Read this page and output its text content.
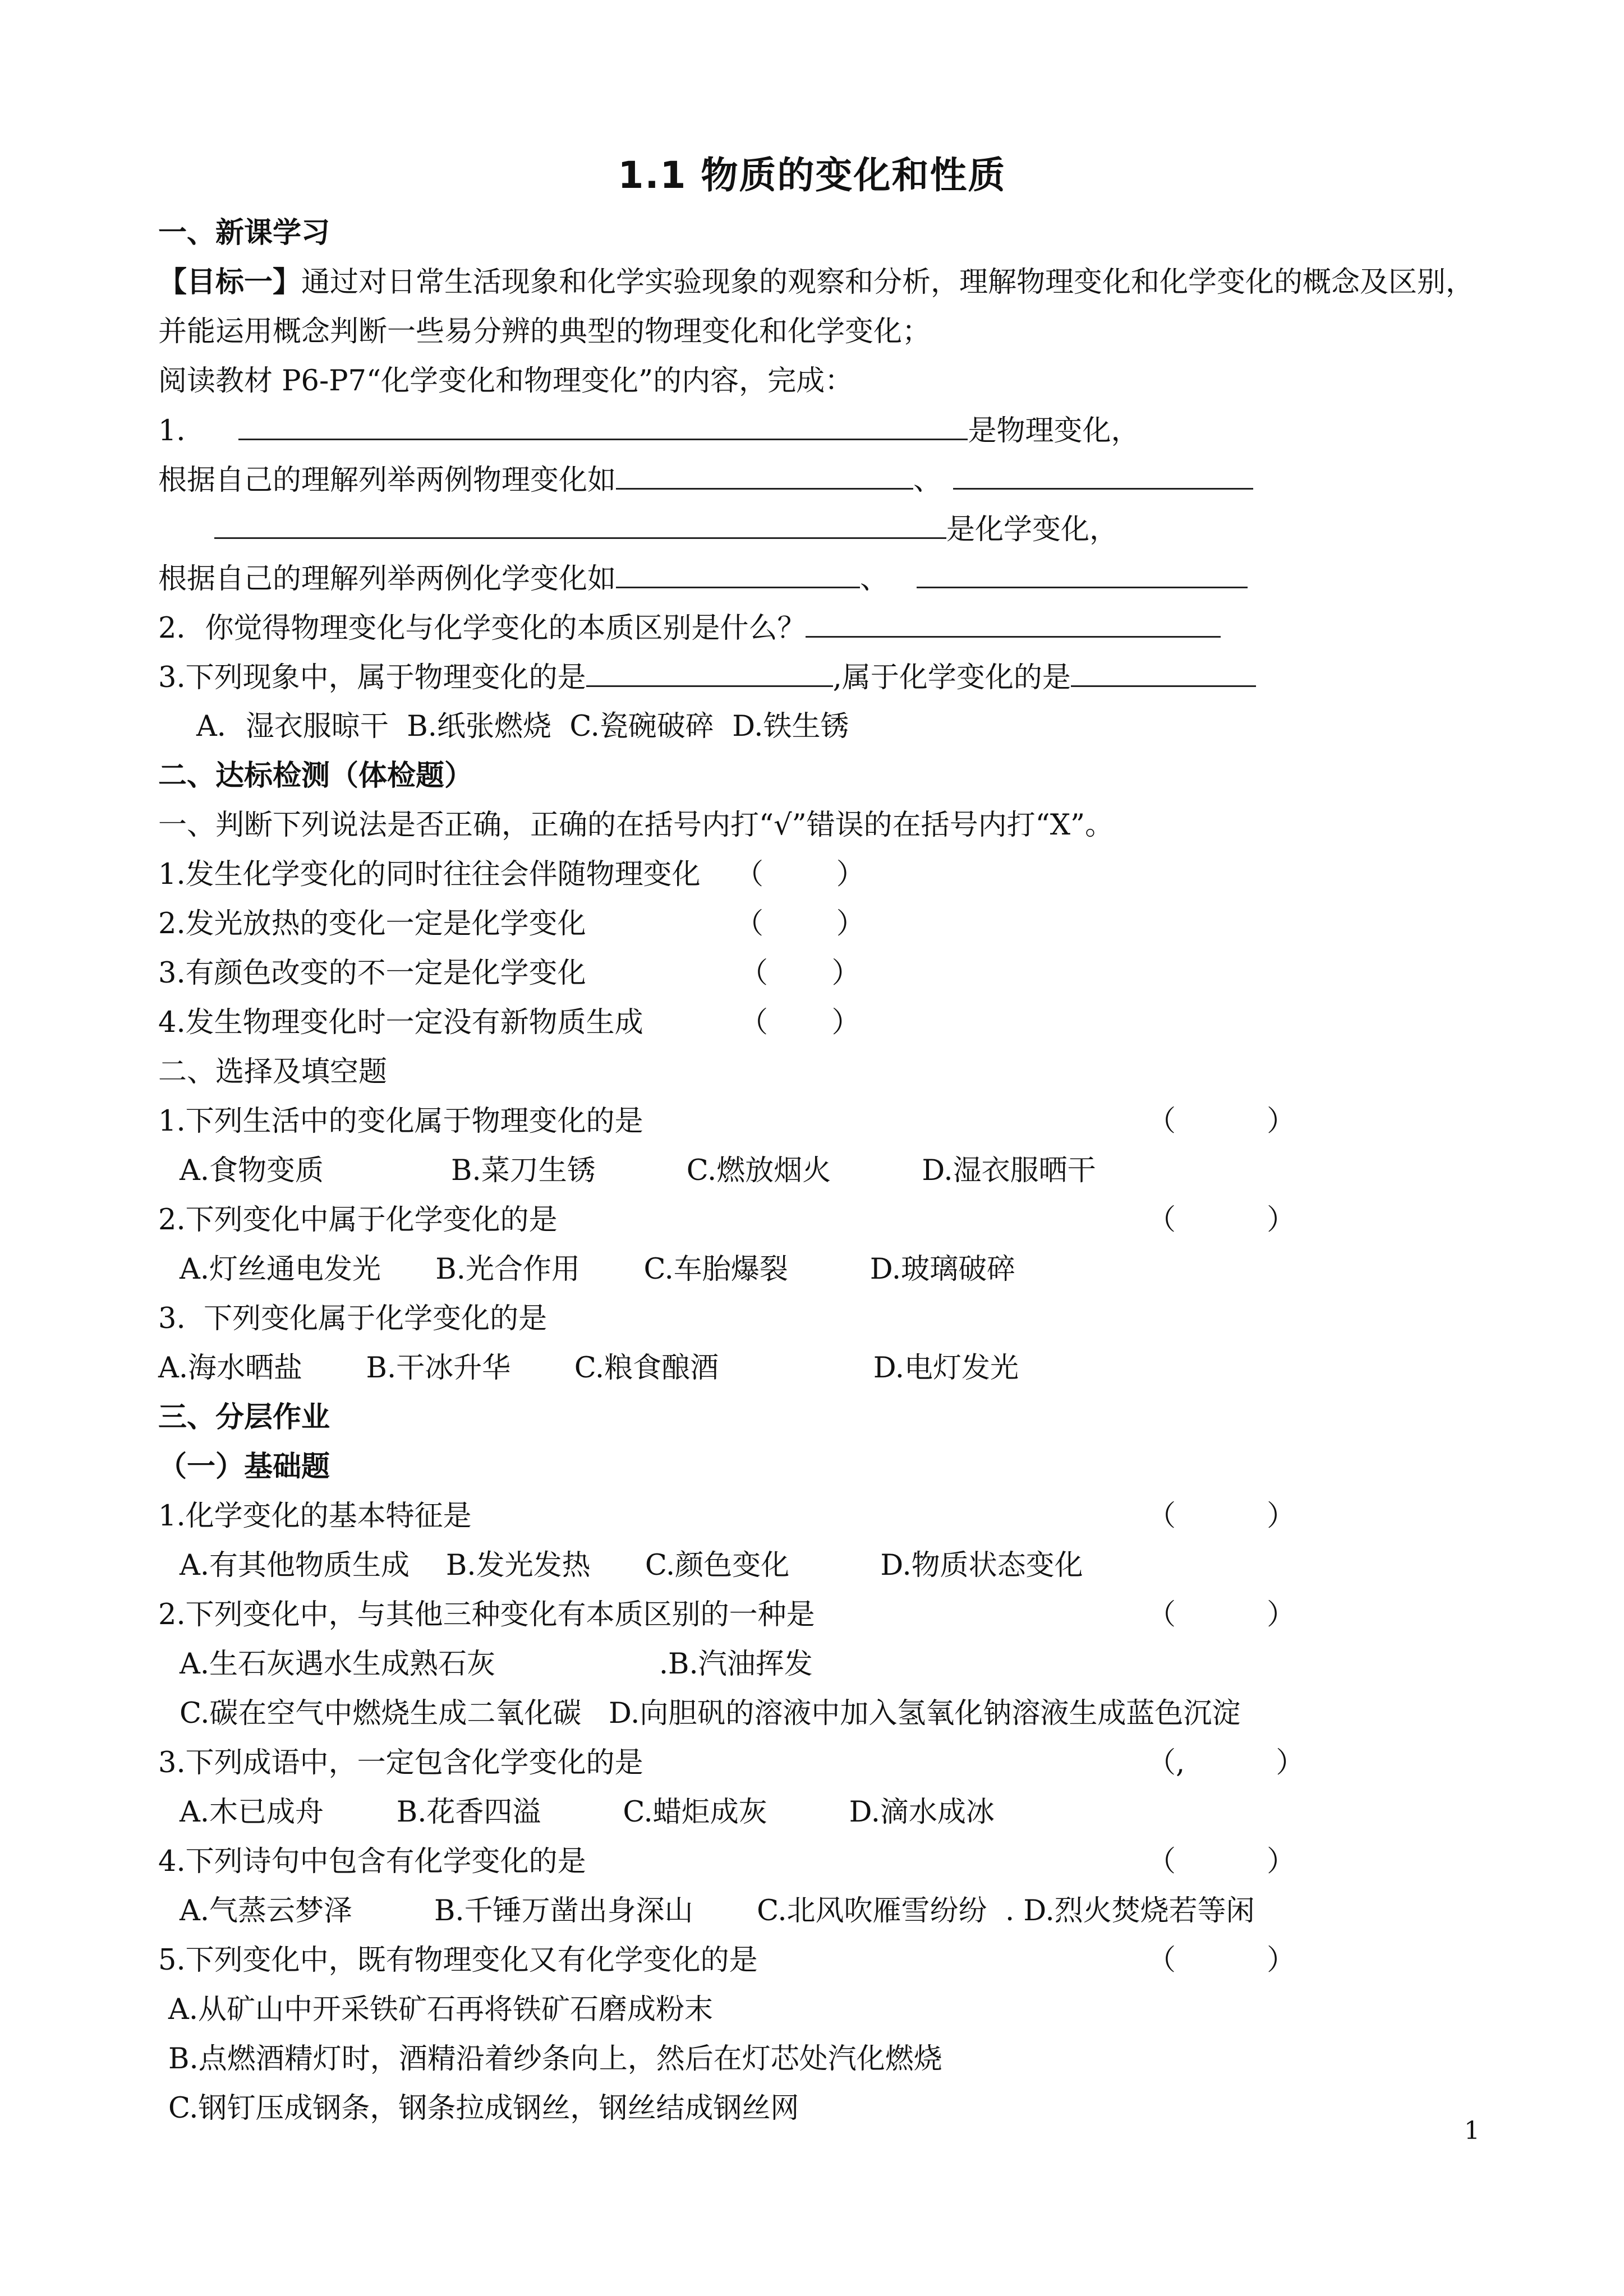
1.1 物质的变化和性质
一、新课学习
【目标一】通过对日常生活现象和化学实验现象的观察和分析，理解物理变化和化学变化的概念及区别，
并能运用概念判断一些易分辨的典型的物理变化和化学变化；
阅读教材 P6-P7“化学变化和物理变化”的内容，完成：
1．	是物理变化，
根据自己的理解列举两例物理变化如	、
是化学变化，
根据自己的理解列举两例化学变化如	、
2．你觉得物理变化与化学变化的本质区别是什么？
3.下列现象中，属于物理变化的是	,属于化学变化的是
A．湿衣服晾干  B.纸张燃烧  C.瓷碗破碎  D.铁生锈
二、达标检测（体检题）
一、判断下列说法是否正确，正确的在括号内打“√”错误的在括号内打“Ⅹ”。
1.发生化学变化的同时往往会伴随物理变化	（        ）
2.发光放热的变化一定是化学变化	（        ）
3.有颜色改变的不一定是化学变化	（       ）
4.发生物理变化时一定没有新物质生成	（       ）
二、选择及填空题
1.下列生活中的变化属于物理变化的是	（          ）
A.食物变质              B.菜刀生锈          C.燃放烟火          D.湿衣服晒干
2.下列变化中属于化学变化的是	（          ）
A.灯丝通电发光      B.光合作用       C.车胎爆裂         D.玻璃破碎
3.  下列变化属于化学变化的是
A.海水晒盐       B.干冰升华       C.粮食酿酒                 D.电灯发光
三、分层作业
（一）基础题
1.化学变化的基本特征是	（          ）
A.有其他物质生成    B.发光发热      C.颜色变化          D.物质状态变化
2.下列变化中，与其他三种变化有本质区别的一种是	（          ）
A.生石灰遇水生成熟石灰                  .B.汽油挥发
C.碳在空气中燃烧生成二氧化碳   D.向胆矾的溶液中加入氢氧化钠溶液生成蓝色沉淀
3.下列成语中，一定包含化学变化的是	（,          ）
A.木已成舟        B.花香四溢         C.蜡炬成灰         D.滴水成冰
4.下列诗句中包含有化学变化的是	（          ）
A.气蒸云梦泽         B.千锤万凿出身深山       C.北风吹雁雪纷纷  . D.烈火焚烧若等闲
5.下列变化中，既有物理变化又有化学变化的是	（          ）
A.从矿山中开采铁矿石再将铁矿石磨成粉末
B.点燃酒精灯时，酒精沿着纱条向上，然后在灯芯处汽化燃烧
C.钢钉压成钢条，钢条拉成钢丝，钢丝结成钢丝网
1
